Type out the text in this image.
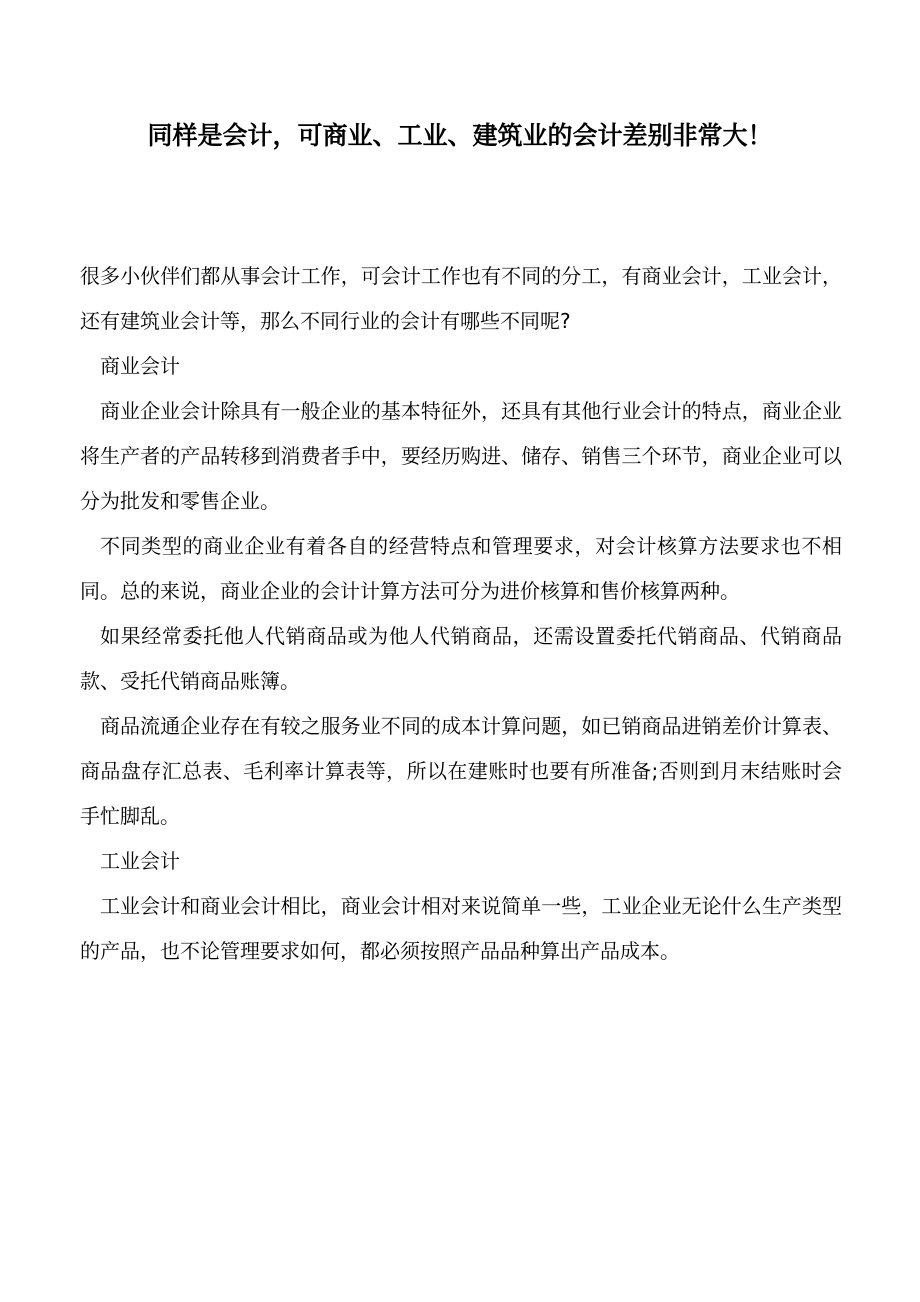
同样是会计，可商业、工业、建筑业的会计差别非常大！

很多小伙伴们都从事会计工作，可会计工作也有不同的分工，有商业会计，工业会计，还有建筑业会计等，那么不同行业的会计有哪些不同呢?

商业会计

商业企业会计除具有一般企业的基本特征外，还具有其他行业会计的特点，商业企业将生产者的产品转移到消费者手中，要经历购进、储存、销售三个环节，商业企业可以分为批发和零售企业。

不同类型的商业企业有着各自的经营特点和管理要求，对会计核算方法要求也不相同。总的来说，商业企业的会计计算方法可分为进价核算和售价核算两种。

如果经常委托他人代销商品或为他人代销商品，还需设置委托代销商品、代销商品款、受托代销商品账簿。

商品流通企业存在有较之服务业不同的成本计算问题，如已销商品进销差价计算表、商品盘存汇总表、毛利率计算表等，所以在建账时也要有所准备;否则到月末结账时会手忙脚乱。

工业会计

工业会计和商业会计相比，商业会计相对来说简单一些，工业企业无论什么生产类型的产品，也不论管理要求如何，都必须按照产品品种算出产品成本。
